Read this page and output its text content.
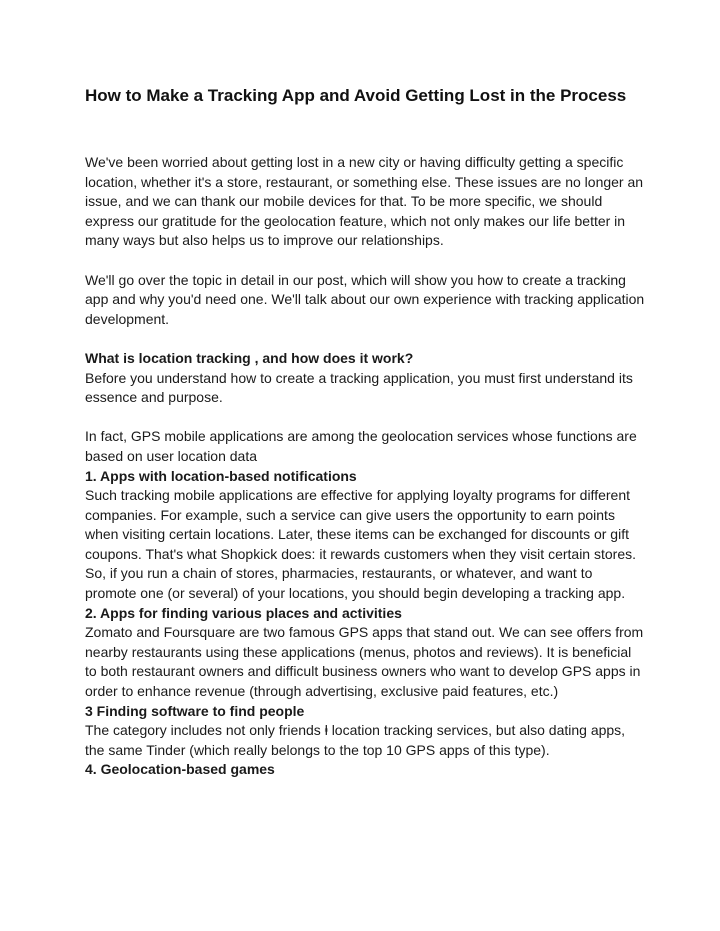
How to Make a Tracking App and Avoid Getting Lost in the Process

We've been worried about getting lost in a new city or having difficulty getting a specific location, whether it's a store, restaurant, or something else. These issues are no longer an issue, and we can thank our mobile devices for that. To be more specific, we should express our gratitude for the geolocation feature, which not only makes our life better in many ways but also helps us to improve our relationships.

We'll go over the topic in detail in our post, which will show you how to create a tracking app and why you'd need one. We'll talk about our own experience with tracking application development.

What is location tracking , and how does it work?

Before you understand how to create a tracking application, you must first understand its essence and purpose.

In fact, GPS mobile applications are among the geolocation services whose functions are based on user location data

1. Apps with location-based notifications

Such tracking mobile applications are effective for applying loyalty programs for different companies. For example, such a service can give users the opportunity to earn points when visiting certain locations. Later, these items can be exchanged for discounts or gift coupons. That's what Shopkick does: it rewards customers when they visit certain stores.

So, if you run a chain of stores, pharmacies, restaurants, or whatever, and want to promote one (or several) of your locations, you should begin developing a tracking app.

2. Apps for finding various places and activities

Zomato and Foursquare are two famous GPS apps that stand out. We can see offers from nearby restaurants using these applications (menus, photos and reviews). It is beneficial to both restaurant owners and difficult business owners who want to develop GPS apps in order to enhance revenue (through advertising, exclusive paid features, etc.)

3 Finding software to find people

The category includes not only friends ⱡ location tracking services, but also dating apps, the same Tinder (which really belongs to the top 10 GPS apps of this type).

4. Geolocation-based games
